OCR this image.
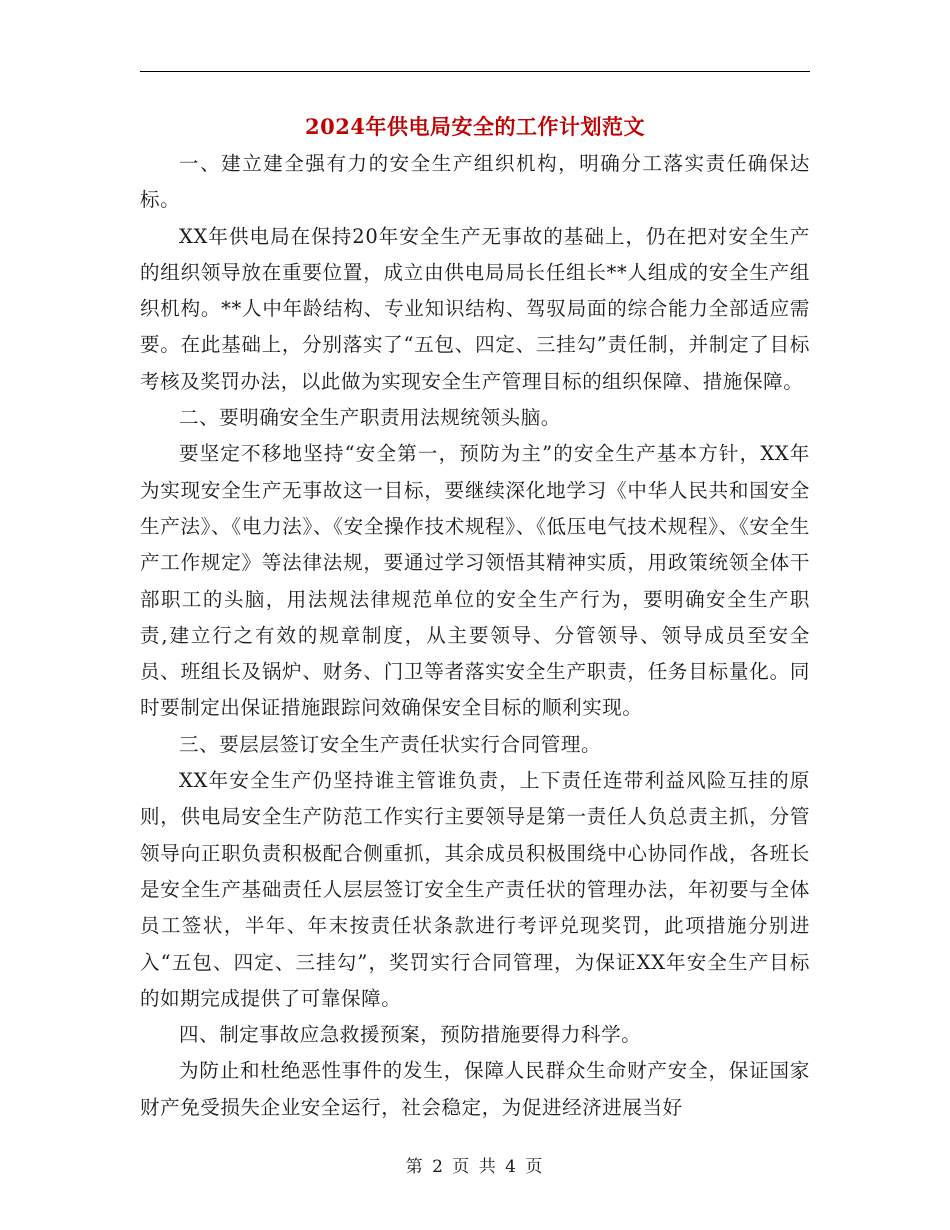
2024年供电局安全的工作计划范文

一、建立建全强有力的安全生产组织机构，明确分工落实责任确保达标。

XX年供电局在保持20年安全生产无事故的基础上，仍在把对安全生产的组织领导放在重要位置，成立由供电局局长任组长**人组成的安全生产组织机构。**人中年龄结构、专业知识结构、驾驭局面的综合能力全部适应需要。在此基础上，分别落实了“五包、四定、三挂勾”责任制，并制定了目标考核及奖罚办法，以此做为实现安全生产管理目标的组织保障、措施保障。

二、要明确安全生产职责用法规统领头脑。

要坚定不移地坚持“安全第一，预防为主”的安全生产基本方针，XX年为实现安全生产无事故这一目标，要继续深化地学习《中华人民共和国安全生产法》、《电力法》、《安全操作技术规程》、《低压电气技术规程》、《安全生产工作规定》等法律法规，要通过学习领悟其精神实质，用政策统领全体干部职工的头脑，用法规法律规范单位的安全生产行为，要明确安全生产职责,建立行之有效的规章制度，从主要领导、分管领导、领导成员至安全员、班组长及锅炉、财务、门卫等者落实安全生产职责，任务目标量化。同时要制定出保证措施跟踪问效确保安全目标的顺利实现。

三、要层层签订安全生产责任状实行合同管理。

XX年安全生产仍坚持谁主管谁负责，上下责任连带利益风险互挂的原则，供电局安全生产防范工作实行主要领导是第一责任人负总责主抓，分管领导向正职负责积极配合侧重抓，其余成员积极围绕中心协同作战，各班长是安全生产基础责任人层层签订安全生产责任状的管理办法，年初要与全体员工签状，半年、年末按责任状条款进行考评兑现奖罚，此项措施分别进入“五包、四定、三挂勾”，奖罚实行合同管理，为保证XX年安全生产目标的如期完成提供了可靠保障。

四、制定事故应急救援预案，预防措施要得力科学。

为防止和杜绝恶性事件的发生，保障人民群众生命财产安全，保证国家财产免受损失企业安全运行，社会稳定，为促进经济进展当好

第 2 页 共 4 页
